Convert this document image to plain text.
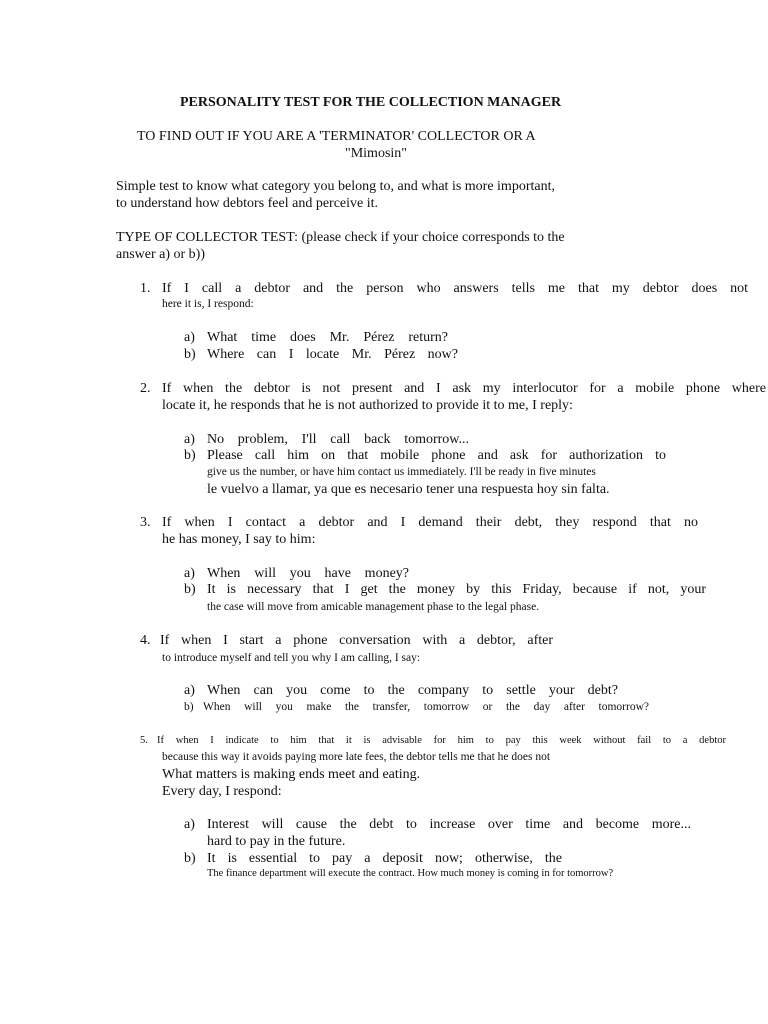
PERSONALITY TEST FOR THE COLLECTION MANAGER
TO FIND OUT IF YOU ARE A 'TERMINATOR' COLLECTOR OR A
"Mimosin"
Simple test to know what category you belong to, and what is more important,
to understand how debtors feel and perceive it.
TYPE OF COLLECTOR TEST: (please check if your choice corresponds to the
answer a) or b))
1. If I call a debtor and the person who answers tells me that my debtor does not
here it is, I respond:
a) What time does Mr. Pérez return?
b) Where can I locate Mr. Pérez now?
2. If when the debtor is not present and I ask my interlocutor for a mobile phone where
locate it, he responds that he is not authorized to provide it to me, I reply:
a) No problem, I'll call back tomorrow...
b) Please call him on that mobile phone and ask for authorization to
give us the number, or have him contact us immediately. I'll be ready in five minutes
le vuelvo a llamar, ya que es necesario tener una respuesta hoy sin falta.
3. If when I contact a debtor and I demand their debt, they respond that no
he has money, I say to him:
a) When will you have money?
b) It is necessary that I get the money by this Friday, because if not, your
the case will move from amicable management phase to the legal phase.
4. If when I start a phone conversation with a debtor, after
to introduce myself and tell you why I am calling, I say:
a) When can you come to the company to settle your debt?
b) When will you make the transfer, tomorrow or the day after tomorrow?
5. If when I indicate to him that it is advisable for him to pay this week without fail to a debtor
because this way it avoids paying more late fees, the debtor tells me that he does not
What matters is making ends meet and eating.
Every day, I respond:
a) Interest will cause the debt to increase over time and become more...
hard to pay in the future.
b) It is essential to pay a deposit now; otherwise, the
The finance department will execute the contract. How much money is coming in for tomorrow?
